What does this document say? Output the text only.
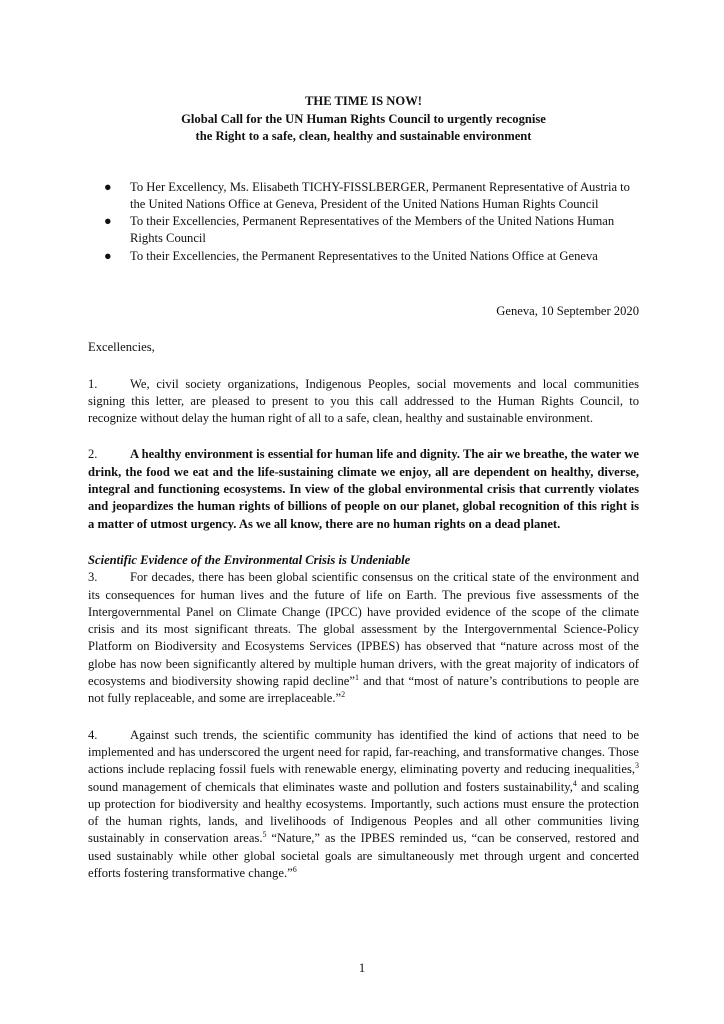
THE TIME IS NOW!
Global Call for the UN Human Rights Council to urgently recognise
the Right to a safe, clean, healthy and sustainable environment
● To Her Excellency, Ms. Elisabeth TICHY-FISSLBERGER, Permanent Representative of Austria to the United Nations Office at Geneva, President of the United Nations Human Rights Council
● To their Excellencies, Permanent Representatives of the Members of the United Nations Human Rights Council
● To their Excellencies, the Permanent Representatives to the United Nations Office at Geneva
Geneva, 10 September 2020
Excellencies,
1.	We, civil society organizations, Indigenous Peoples, social movements and local communities signing this letter, are pleased to present to you this call addressed to the Human Rights Council, to recognize without delay the human right of all to a safe, clean, healthy and sustainable environment.
2.	A healthy environment is essential for human life and dignity. The air we breathe, the water we drink, the food we eat and the life-sustaining climate we enjoy, all are dependent on healthy, diverse, integral and functioning ecosystems. In view of the global environmental crisis that currently violates and jeopardizes the human rights of billions of people on our planet, global recognition of this right is a matter of utmost urgency. As we all know, there are no human rights on a dead planet.
Scientific Evidence of the Environmental Crisis is Undeniable
3.	For decades, there has been global scientific consensus on the critical state of the environment and its consequences for human lives and the future of life on Earth. The previous five assessments of the Intergovernmental Panel on Climate Change (IPCC) have provided evidence of the scope of the climate crisis and its most significant threats. The global assessment by the Intergovernmental Science-Policy Platform on Biodiversity and Ecosystems Services (IPBES) has observed that “nature across most of the globe has now been significantly altered by multiple human drivers, with the great majority of indicators of ecosystems and biodiversity showing rapid decline”$^1$ and that “most of nature’s contributions to people are not fully replaceable, and some are irreplaceable.”$^2$
4.	Against such trends, the scientific community has identified the kind of actions that need to be implemented and has underscored the urgent need for rapid, far-reaching, and transformative changes. Those actions include replacing fossil fuels with renewable energy, eliminating poverty and reducing inequalities,$^3$ sound management of chemicals that eliminates waste and pollution and fosters sustainability,$^4$ and scaling up protection for biodiversity and healthy ecosystems. Importantly, such actions must ensure the protection of the human rights, lands, and livelihoods of Indigenous Peoples and all other communities living sustainably in conservation areas.$^5$ “Nature,” as the IPBES reminded us, “can be conserved, restored and used sustainably while other global societal goals are simultaneously met through urgent and concerted efforts fostering transformative change.”$^6$
1
